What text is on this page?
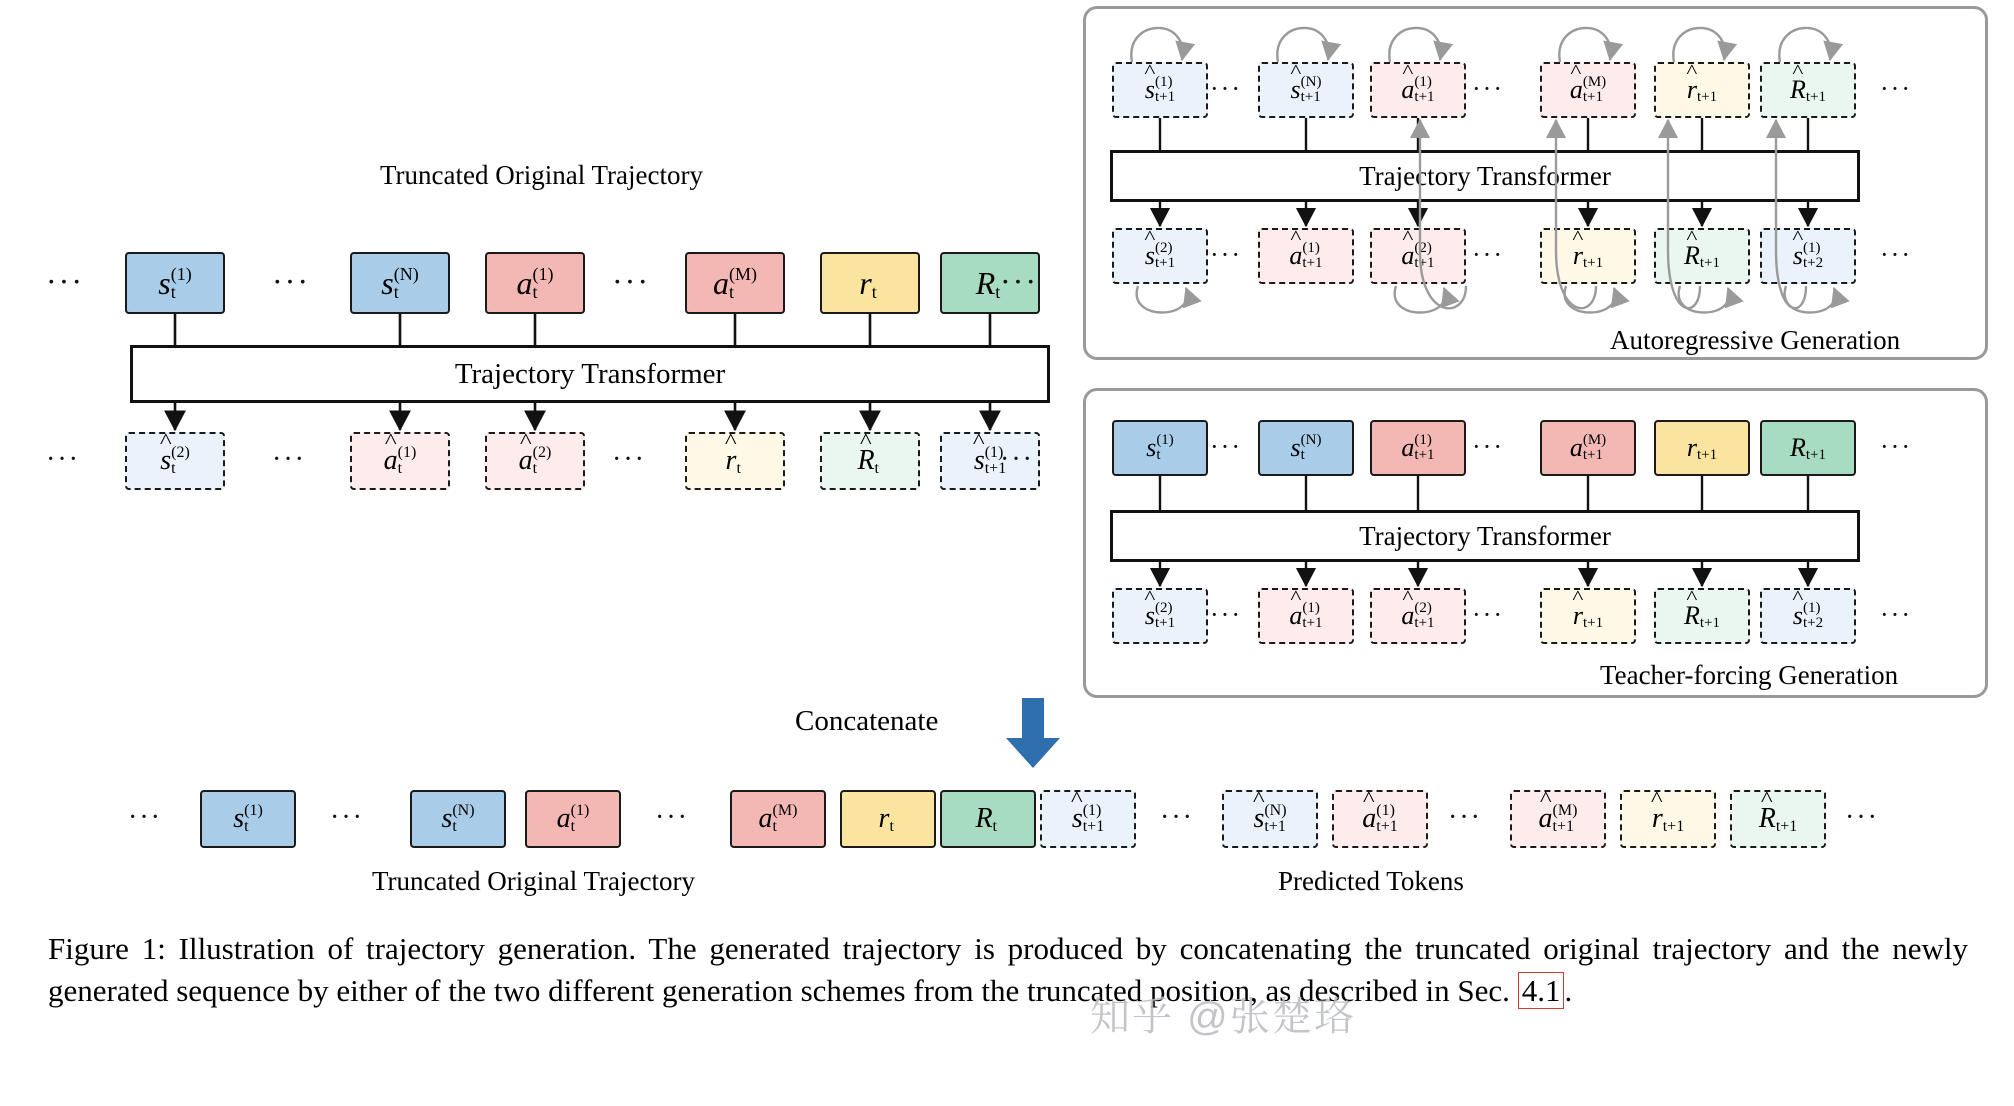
Truncated Original Trajectory
s (1)
t	s (N)
t	a (1)
t	a (M)
t	r t	R t
···	···	···	···
^ s (2)
t	^ a (1)
t	^ a (2)
t	^ r t	^ R t	^ s (1)
t+1
···	···	···	···
Trajectory Transformer
^ s (1)
t+1	^ s (N)
t+1	^ a (1)
t+1	^ a (M)
t+1	^ r t+1	^ R t+1
···	···	···
^ s (2)
t+1	^ a (1)
t+1	^ a (2)
t+1	^ r t+1	^ R t+1	^ s (1)
t+2
···	···	···
Trajectory Transformer
Autoregressive Generation
s (1)
t	s (N)
t	a (1)
t+1	a (M)
t+1	r t+1	R t+1
···	···	···
^ s (2)
t+1	^ a (1)
t+1	^ a (2)
t+1	^ r t+1	^ R t+1	^ s (1)
t+2
···	···	···
Trajectory Transformer
Teacher-forcing Generation
Concatenate
s (1)
t	s (N)
t	a (1)
t	a (M)
t	r t	R t	^ s (1)
t+1
···	···	···	^ s (N)
t+1	^ a (1)
t+1	^ a (M)
t+1	^ r t+1	^ R t+1
···	···	···
Truncated Original Trajectory	Predicted Tokens
Figure 1: Illustration of trajectory generation. The generated trajectory is produced by concatenating the truncated original trajectory and the newly generated sequence by either of the two different generation schemes from the truncated position, as described in Sec. 4.1 .
知乎 @张楚珞
